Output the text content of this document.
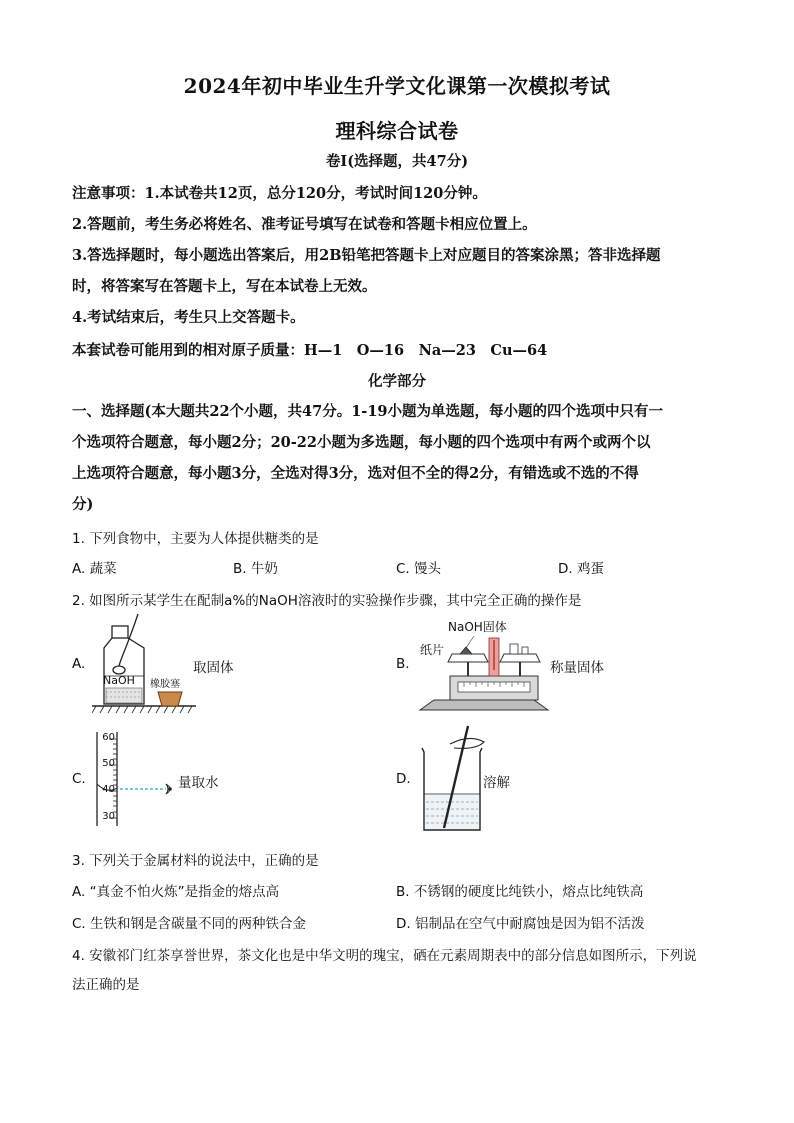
2024年初中毕业生升学文化课第一次模拟考试
理科综合试卷
卷Ⅰ(选择题，共47分)
注意事项：1.本试卷共12页，总分120分，考试时间120分钟。
2.答题前，考生务必将姓名、准考证号填写在试卷和答题卡相应位置上。
3.答选择题时，每小题选出答案后，用2B铅笔把答题卡上对应题目的答案涂黑；答非选择题
时，将答案写在答题卡上，写在本试卷上无效。
4.考试结束后，考生只上交答题卡。
本套试卷可能用到的相对原子质量：H—1　O—16　Na—23　Cu—64
化学部分
一、选择题(本大题共22个小题，共47分。1-19小题为单选题，每小题的四个选项中只有一
个选项符合题意，每小题2分；20-22小题为多选题，每小题的四个选项中有两个或两个以
上选项符合题意，每小题3分，全选对得3分，选对但不全的得2分，有错选或不选的不得
分)
1. 下列食物中，主要为人体提供糖类的是
A. 蔬菜	B. 牛奶	C. 馒头	D. 鸡蛋
2. 如图所示某学生在配制a%的NaOH溶液时的实验操作步骤，其中完全正确的操作是
A.
NaOH 橡胶塞
取固体	B.
NaOH固体
纸片
称量固体
C.
60
50
40
30
量取水	D.	溶解
3. 下列关于金属材料的说法中，正确的是
A. “真金不怕火炼”是指金的熔点高	B. 不锈钢的硬度比纯铁小，熔点比纯铁高
C. 生铁和钢是含碳量不同的两种铁合金	D. 铝制品在空气中耐腐蚀是因为铝不活泼
4. 安徽祁门红茶享誉世界，茶文化也是中华文明的瑰宝，硒在元素周期表中的部分信息如图所示，下列说
法正确的是
